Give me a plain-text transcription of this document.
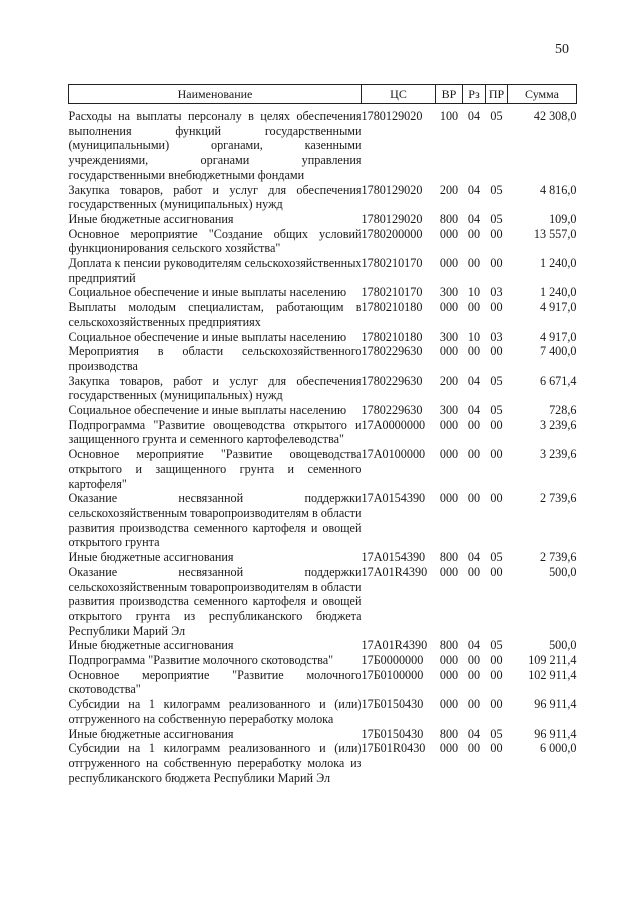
50
Наименование	ЦС	ВР	Рз	ПР	Сумма
Расходы на выплаты персоналу в целях обеспечения выполнения функций государственными (муниципальными) органами, казенными учреждениями, органами управления государственными внебюджетными фондами	1780129020	100	04	05	42 308,0
Закупка товаров, работ и услуг для обеспечения государственных (муниципальных) нужд	1780129020	200	04	05	4 816,0
Иные бюджетные ассигнования	1780129020	800	04	05	109,0
Основное мероприятие "Создание общих условий функционирования сельского хозяйства"	1780200000	000	00	00	13 557,0
Доплата к пенсии руководителям сельскохозяйственных предприятий	1780210170	000	00	00	1 240,0
Социальное обеспечение и иные выплаты населению	1780210170	300	10	03	1 240,0
Выплаты молодым специалистам, работающим в сельскохозяйственных предприятиях	1780210180	000	00	00	4 917,0
Социальное обеспечение и иные выплаты населению	1780210180	300	10	03	4 917,0
Мероприятия в области сельскохозяйственного производства	1780229630	000	00	00	7 400,0
Закупка товаров, работ и услуг для обеспечения государственных (муниципальных) нужд	1780229630	200	04	05	6 671,4
Социальное обеспечение и иные выплаты населению	1780229630	300	04	05	728,6
Подпрограмма "Развитие овощеводства открытого и защищенного грунта и семенного картофелеводства"	17А0000000	000	00	00	3 239,6
Основное мероприятие "Развитие овощеводства открытого и защищенного грунта и семенного картофеля"	17А0100000	000	00	00	3 239,6
Оказание несвязанной поддержки сельскохозяйственным товаропроизводителям в области развития производства семенного картофеля и овощей открытого грунта	17А0154390	000	00	00	2 739,6
Иные бюджетные ассигнования	17А0154390	800	04	05	2 739,6
Оказание несвязанной поддержки сельскохозяйственным товаропроизводителям в области развития производства семенного картофеля и овощей открытого грунта из республиканского бюджета Республики Марий Эл	17А01R4390	000	00	00	500,0
Иные бюджетные ассигнования	17А01R4390	800	04	05	500,0
Подпрограмма "Развитие молочного скотоводства"	17Б0000000	000	00	00	109 211,4
Основное мероприятие "Развитие молочного скотоводства"	17Б0100000	000	00	00	102 911,4
Субсидии на 1 килограмм реализованного и (или) отгруженного на собственную переработку молока	17Б0150430	000	00	00	96 911,4
Иные бюджетные ассигнования	17Б0150430	800	04	05	96 911,4
Субсидии на 1 килограмм реализованного и (или) отгруженного на собственную переработку молока из республиканского бюджета Республики Марий Эл	17Б01R0430	000	00	00	6 000,0
